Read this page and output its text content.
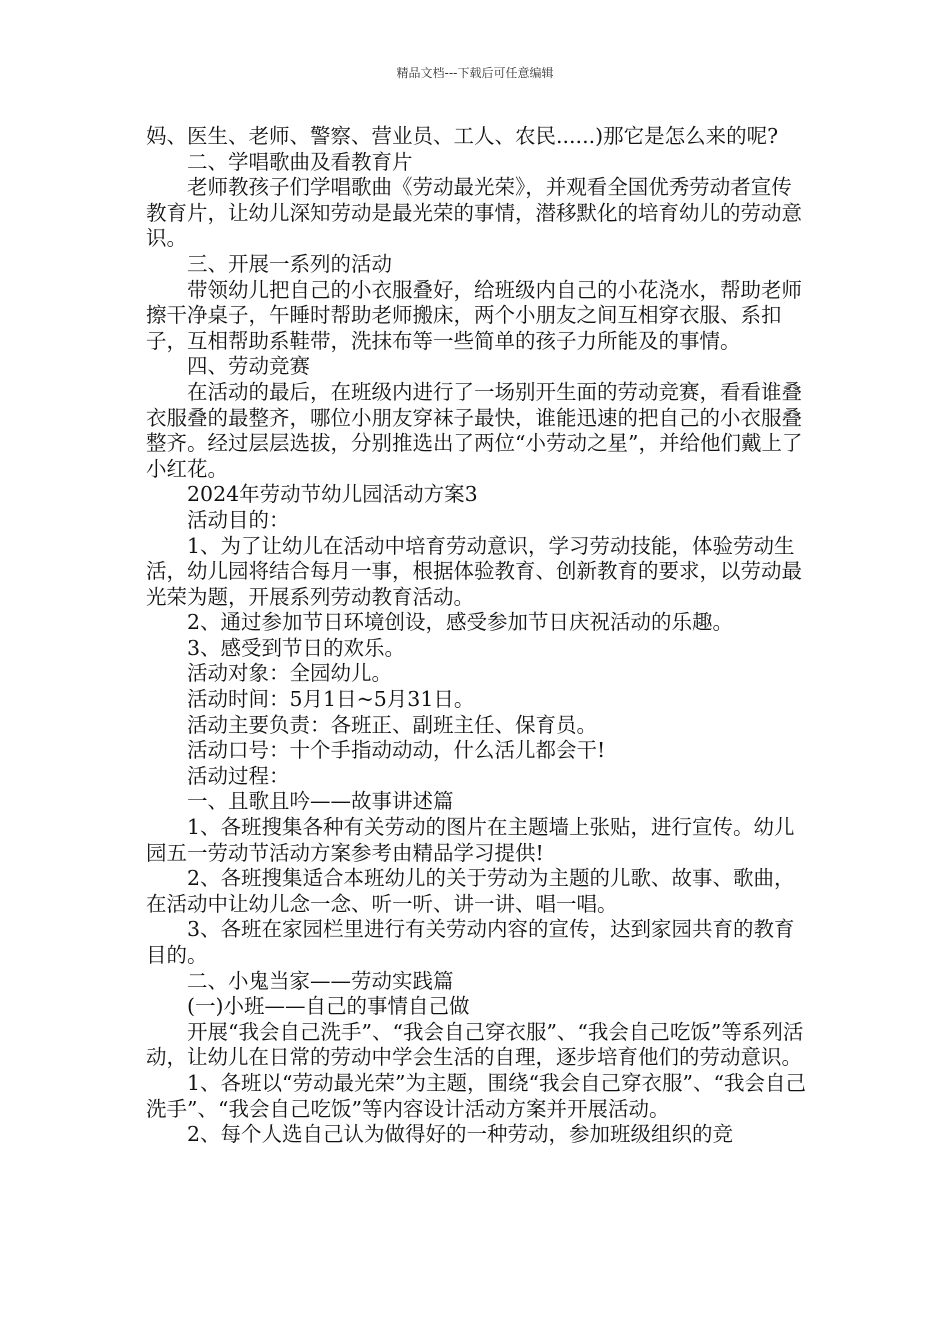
精品文档---下载后可任意编辑

妈、医生、老师、警察、营业员、工人、农民......)那它是怎么来的呢?

二、学唱歌曲及看教育片

老师教孩子们学唱歌曲《劳动最光荣》，并观看全国优秀劳动者宣传教育片，让幼儿深知劳动是最光荣的事情，潜移默化的培育幼儿的劳动意识。

三、开展一系列的活动

带领幼儿把自己的小衣服叠好，给班级内自己的小花浇水，帮助老师擦干净桌子，午睡时帮助老师搬床，两个小朋友之间互相穿衣服、系扣子，互相帮助系鞋带，洗抹布等一些简单的孩子力所能及的事情。

四、劳动竞赛

在活动的最后，在班级内进行了一场别开生面的劳动竞赛，看看谁叠衣服叠的最整齐，哪位小朋友穿袜子最快，谁能迅速的把自己的小衣服叠整齐。经过层层选拔，分别推选出了两位“小劳动之星”，并给他们戴上了小红花。

2024年劳动节幼儿园活动方案3

活动目的：

1、为了让幼儿在活动中培育劳动意识，学习劳动技能，体验劳动生活，幼儿园将结合每月一事，根据体验教育、创新教育的要求，以劳动最光荣为题，开展系列劳动教育活动。

2、通过参加节日环境创设，感受参加节日庆祝活动的乐趣。

3、感受到节日的欢乐。

活动对象：全园幼儿。

活动时间：5月1日~5月31日。

活动主要负责：各班正、副班主任、保育员。

活动口号：十个手指动动动，什么活儿都会干!

活动过程：

一、且歌且吟——故事讲述篇

1、各班搜集各种有关劳动的图片在主题墙上张贴，进行宣传。幼儿园五一劳动节活动方案参考由精品学习提供!

2、各班搜集适合本班幼儿的关于劳动为主题的儿歌、故事、歌曲，在活动中让幼儿念一念、听一听、讲一讲、唱一唱。

3、各班在家园栏里进行有关劳动内容的宣传，达到家园共育的教育目的。

二、小鬼当家——劳动实践篇

(一)小班——自己的事情自己做

开展“我会自己洗手”、“我会自己穿衣服”、“我会自己吃饭”等系列活动，让幼儿在日常的劳动中学会生活的自理，逐步培育他们的劳动意识。

1、各班以“劳动最光荣”为主题，围绕“我会自己穿衣服”、“我会自己洗手”、“我会自己吃饭”等内容设计活动方案并开展活动。

2、每个人选自己认为做得好的一种劳动，参加班级组织的竞
